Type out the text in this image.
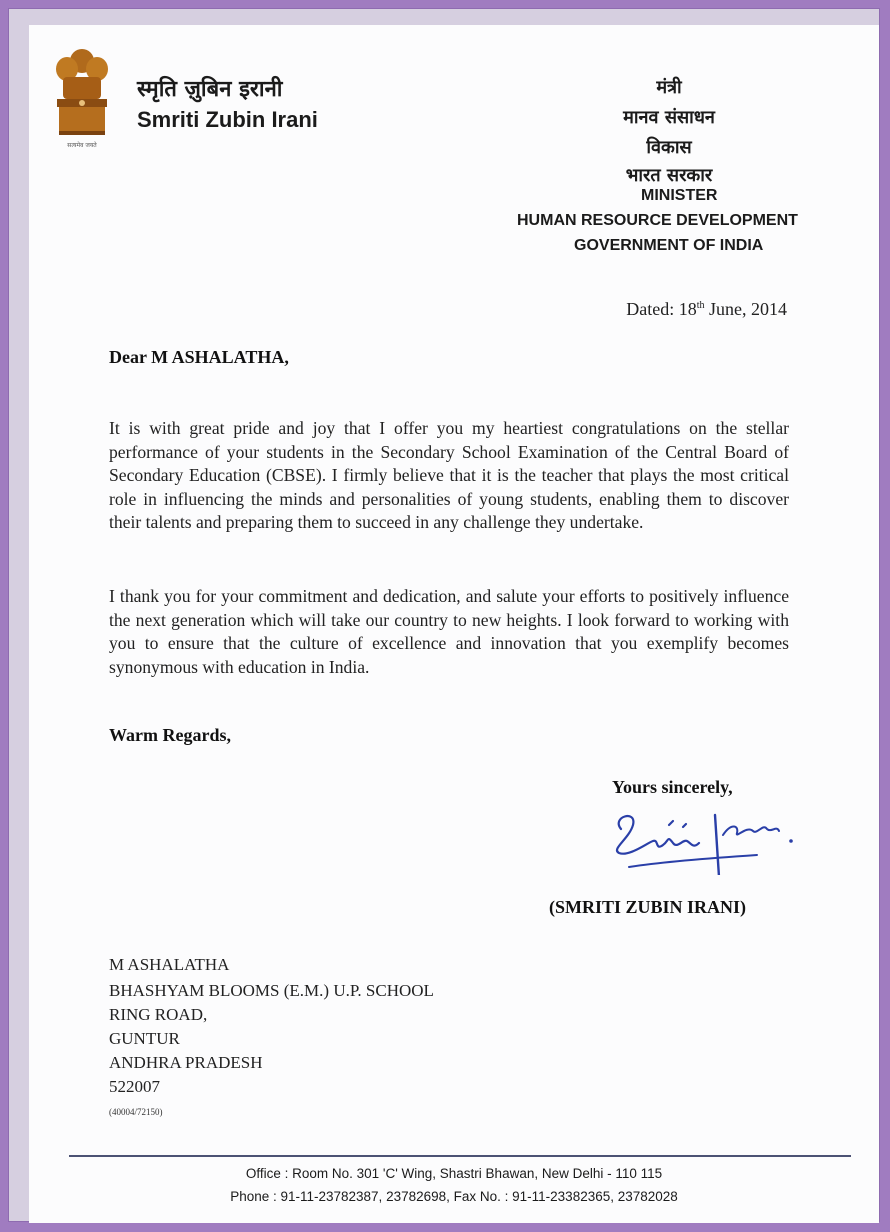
सत्यमेव जयते
स्मृति ज़ुबिन इरानी
Smriti Zubin Irani
मंत्री
मानव संसाधन
विकास
भारत सरकार
MINISTER
HUMAN RESOURCE DEVELOPMENT
GOVERNMENT OF INDIA
Dated: 18th June, 2014
Dear M ASHALATHA,
It is with great pride and joy that I offer you my heartiest congratulations on the stellar performance of your students in the Secondary School Examination of the Central Board of Secondary Education (CBSE). I firmly believe that it is the teacher that plays the most critical role in influencing the minds and personalities of young students, enabling them to discover their talents and preparing them to succeed in any challenge they undertake.
I thank you for your commitment and dedication, and salute your efforts to positively influence the next generation which will take our country to new heights. I look forward to working with you to ensure that the culture of excellence and innovation that you exemplify becomes synonymous with education in India.
Warm Regards,
Yours sincerely,
(SMRITI ZUBIN IRANI)
M ASHALATHA
BHASHYAM BLOOMS (E.M.) U.P. SCHOOL
RING ROAD,
GUNTUR
ANDHRA PRADESH
522007
(40004/72150)
Office : Room No. 301 'C' Wing, Shastri Bhawan, New Delhi - 110 115
Phone : 91-11-23782387, 23782698, Fax No. : 91-11-23382365, 23782028
